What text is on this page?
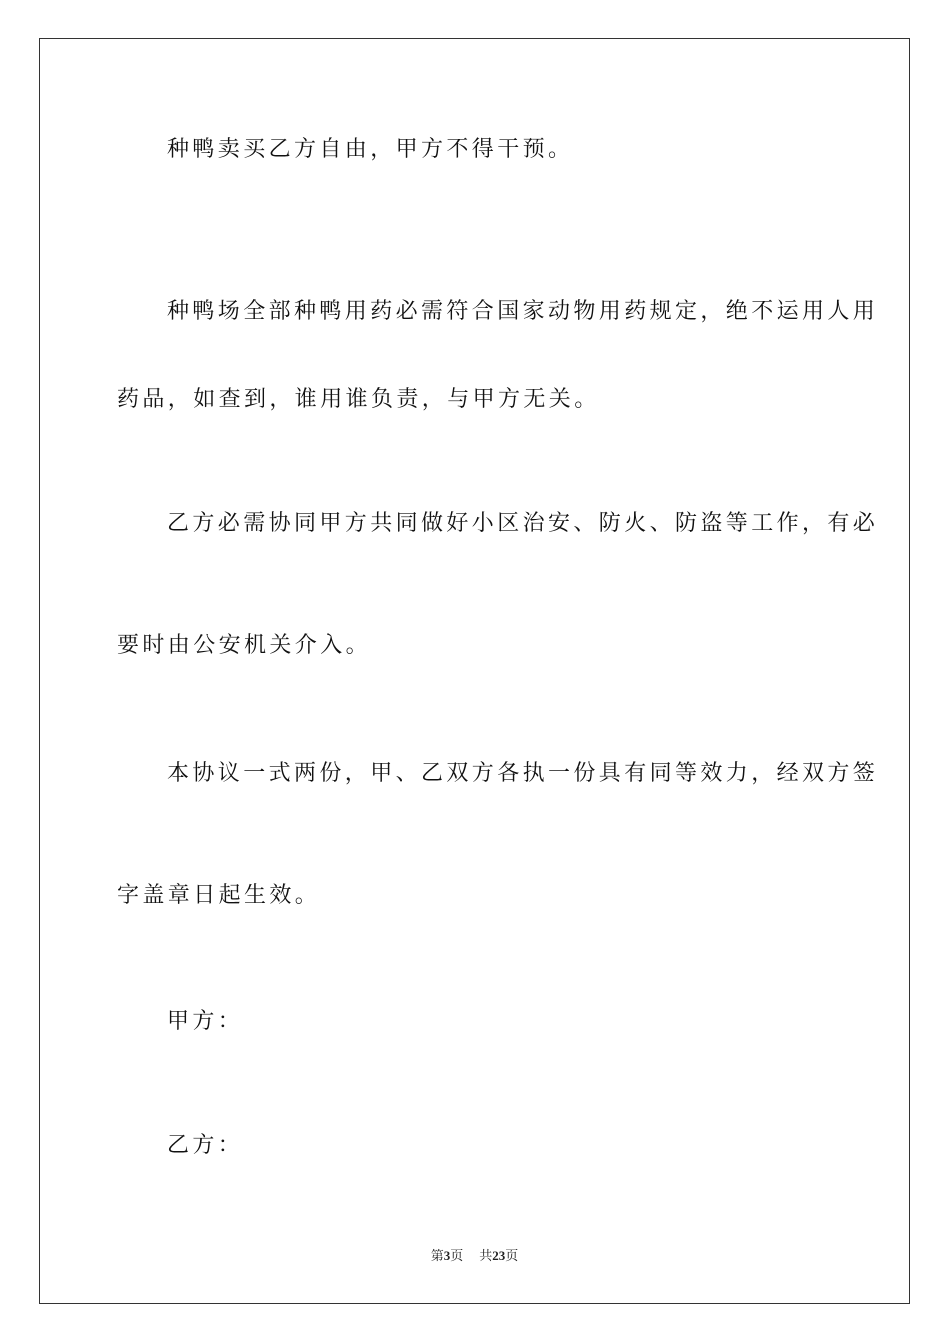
种鸭卖买乙方自由，甲方不得干预。
种鸭场全部种鸭用药必需符合国家动物用药规定，绝不运用人用
药品，如查到，谁用谁负责，与甲方无关。
乙方必需协同甲方共同做好小区治安、防火、防盗等工作，有必
要时由公安机关介入。
本协议一式两份，甲、乙双方各执一份具有同等效力，经双方签
字盖章日起生效。
甲方：
乙方：
第3页 共23页
